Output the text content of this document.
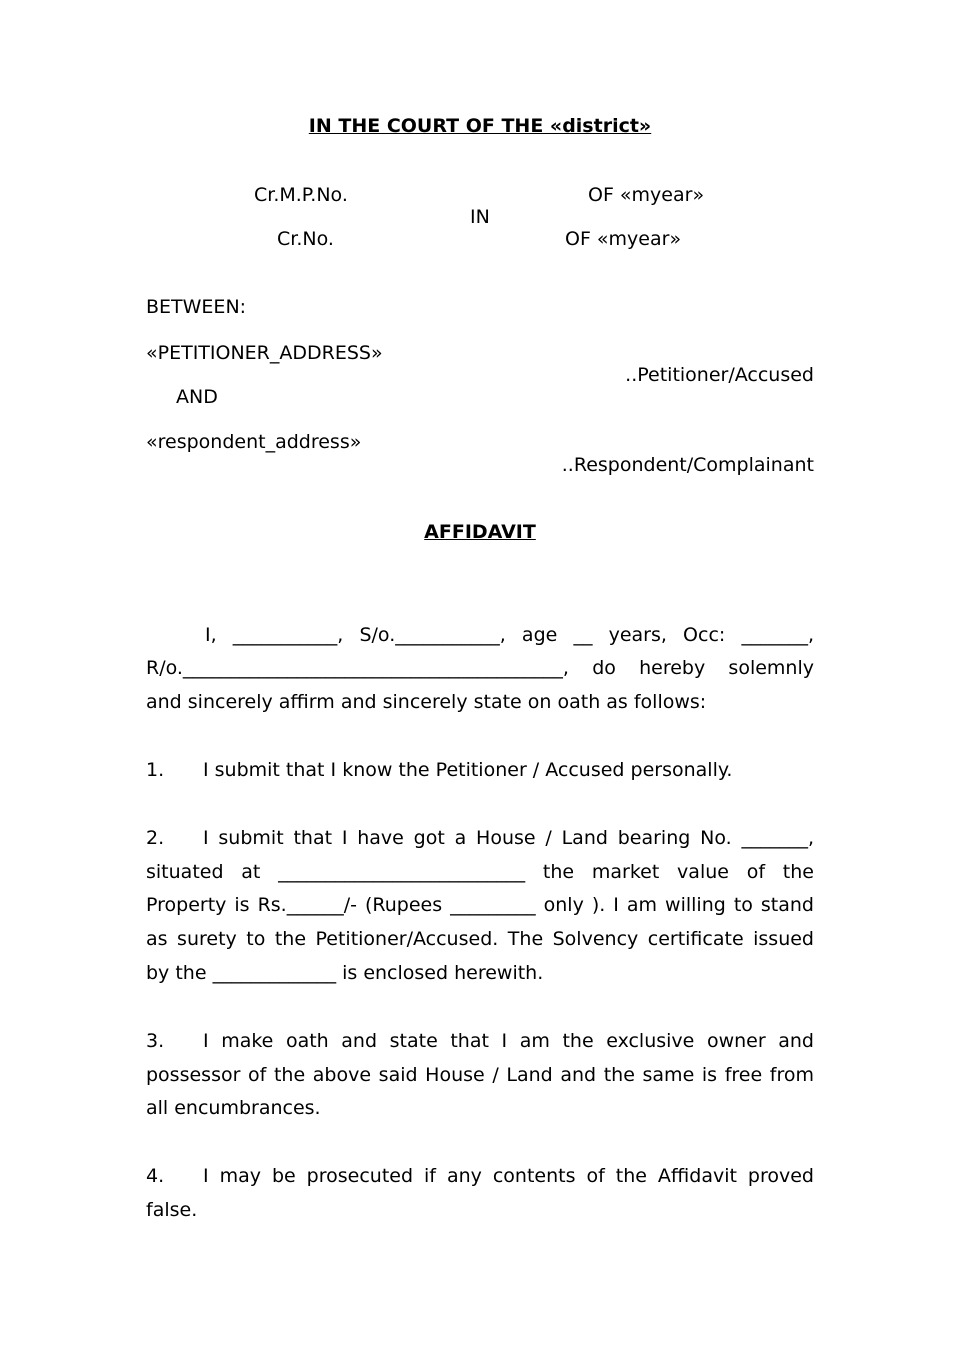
IN THE COURT OF THE «district»
Cr.M.P.No.	OF «myear»
IN
Cr.No.	OF «myear»
BETWEEN:
«PETITIONER_ADDRESS»
..Petitioner/Accused
AND
«respondent_address»
..Respondent/Complainant
AFFIDAVIT
I, ___________, S/o.___________, age __ years, Occ: _______,
R/o.________________________________________, do hereby solemnly
and sincerely affirm and sincerely state on oath as follows:
1. I submit that I know the Petitioner / Accused personally.
2. I submit that I have got a House / Land bearing No. _______,
situated at __________________________ the market value of the
Property is Rs.______/- (Rupees _________ only ). I am willing to stand
as surety to the Petitioner/Accused. The Solvency certificate issued
by the _____________ is enclosed herewith.
3. I make oath and state that I am the exclusive owner and
possessor of the above said House / Land and the same is free from
all encumbrances.
4. I may be prosecuted if any contents of the Affidavit proved
false.
